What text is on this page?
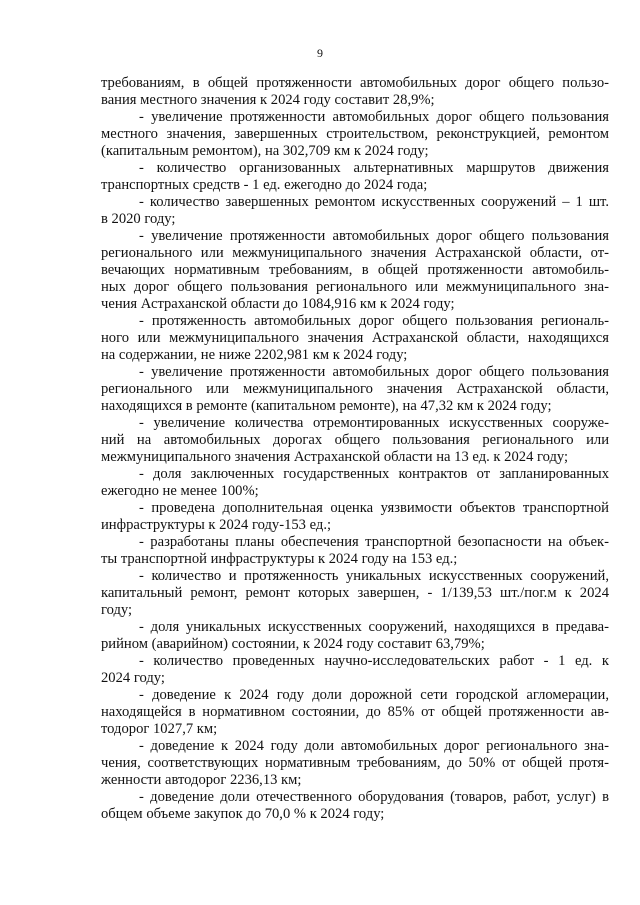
9
требованиям, в общей протяженности автомобильных дорог общего пользо-
вания местного значения к 2024 году составит 28,9%;
- увеличение протяженности автомобильных дорог общего пользования
местного значения, завершенных строительством, реконструкцией, ремонтом
(капитальным ремонтом), на 302,709 км к 2024 году;
- количество организованных альтернативных маршрутов движения
транспортных средств - 1 ед. ежегодно до 2024 года;
- количество завершенных ремонтом искусственных сооружений – 1 шт.
в 2020 году;
- увеличение протяженности автомобильных дорог общего пользования
регионального или межмуниципального значения Астраханской области, от-
вечающих нормативным требованиям, в общей протяженности автомобиль-
ных дорог общего пользования регионального или межмуниципального зна-
чения Астраханской области до 1084,916 км к 2024 году;
- протяженность автомобильных дорог общего пользования региональ-
ного или межмуниципального значения Астраханской области, находящихся
на содержании, не ниже 2202,981 км к 2024 году;
- увеличение протяженности автомобильных дорог общего пользования
регионального или межмуниципального значения Астраханской области,
находящихся в ремонте (капитальном ремонте), на 47,32 км к 2024 году;
- увеличение количества отремонтированных искусственных сооруже-
ний на автомобильных дорогах общего пользования регионального или
межмуниципального значения Астраханской области на 13 ед. к 2024 году;
- доля заключенных государственных контрактов от запланированных
ежегодно не менее 100%;
- проведена дополнительная оценка уязвимости объектов транспортной
инфраструктуры к 2024 году-153 ед.;
- разработаны планы обеспечения транспортной безопасности на объек-
ты транспортной инфраструктуры к 2024 году на 153 ед.;
- количество и протяженность уникальных искусственных сооружений,
капитальный ремонт, ремонт которых завершен, - 1/139,53 шт./пог.м к 2024
году;
- доля уникальных искусственных сооружений, находящихся в предава-
рийном (аварийном) состоянии, к 2024 году составит 63,79%;
- количество проведенных научно-исследовательских работ - 1 ед. к
2024 году;
- доведение к 2024 году доли дорожной сети городской агломерации,
находящейся в нормативном состоянии, до 85% от общей протяженности ав-
тодорог 1027,7 км;
- доведение к 2024 году доли автомобильных дорог регионального зна-
чения, соответствующих нормативным требованиям, до 50% от общей протя-
женности автодорог 2236,13 км;
- доведение доли отечественного оборудования (товаров, работ, услуг) в
общем объеме закупок до 70,0 % к 2024 году;
